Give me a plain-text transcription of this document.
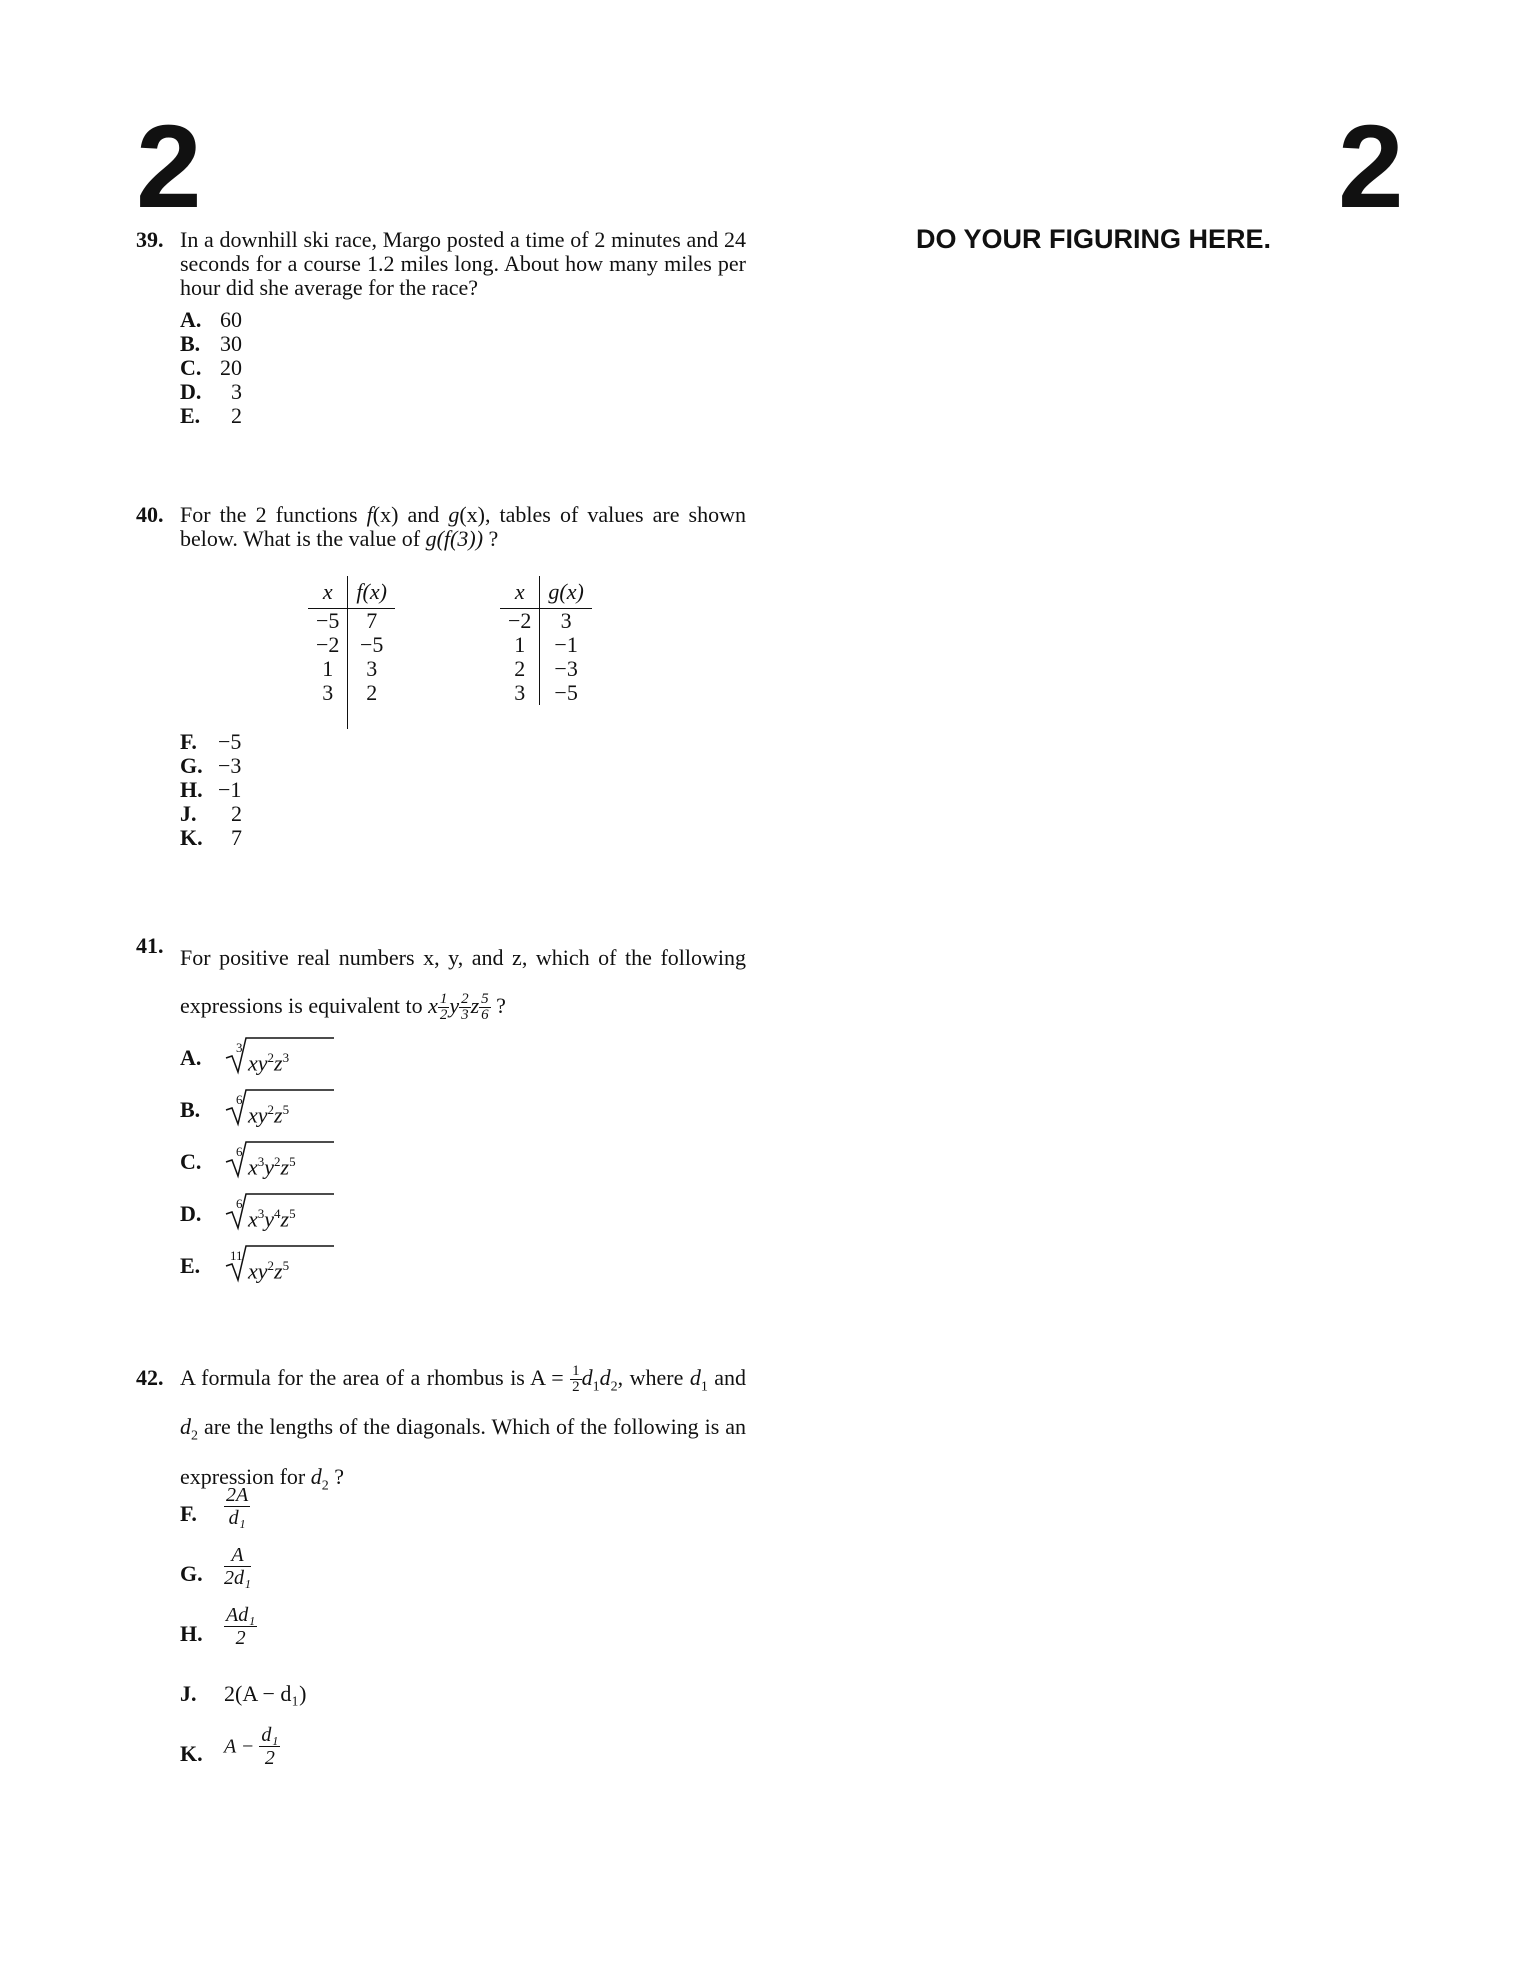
2	2
DO YOUR FIGURING HERE.
39. In a downhill ski race, Margo posted a time of 2 minutes and 24 seconds for a course 1.2 miles long. About how many miles per hour did she average for the race?
A. 60
B. 30
C. 20
D.	3
E.	2
40. For the 2 functions f(x) and g(x), tables of values are shown below. What is the value of g(f(3)) ?
x	f(x)
−5	7
−2	−5
1	3
3	2

x	g(x)
−2	3
1	−1
2	−3
3	−5
F. −5
G. −3
H. −1
J.	2
K.	7
41. For positive real numbers x, y, and z, which of the following expressions is equivalent to x $\frac{1}{2}$ y $\frac{2}{3}$ z $\frac{5}{6}$ ?
A.	3
$xy^2z^3$
B.	6
$xy^2z^5$
C.	6
$x^3y^2z^5$
D.	6
$x^3y^4z^5$
E. 11
$xy^2z^5$
42. A formula for the area of a rhombus is $A = \frac{1}{2} d_1d_2$, where $d_1$ and $d_2$ are the lengths of the diagonals. Which of the following is an expression for $d_2$ ?
F. $\frac{2A}{\text{d₁}}$
G. $\frac{A}{\text{2d₁}}$
H. $\frac{\text{Ad₁}}{2}$
J. 2(A − d₁)
K. $A - \frac{\text{d₁}}{2}$
